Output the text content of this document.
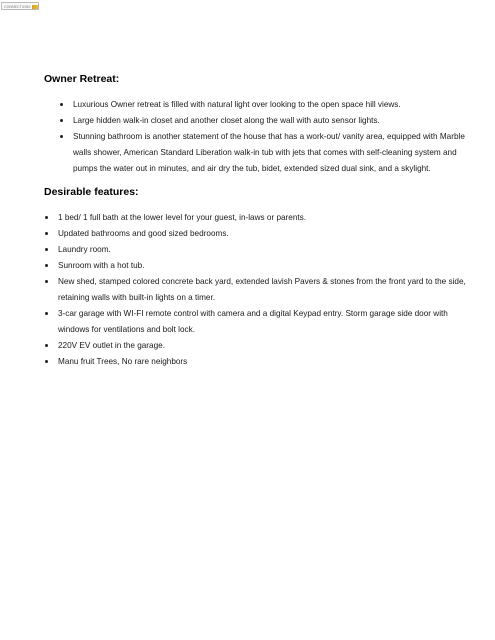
CONNECTIONS
Owner Retreat:
Luxurious Owner retreat is filled with natural light over looking to the open space hill views.
Large hidden walk-in closet and another closet along the wall with auto sensor lights.
Stunning bathroom is another statement of the house that has a work-out/ vanity area, equipped with Marble walls shower, American Standard Liberation walk-in tub with jets that comes with self-cleaning system and pumps the water out in minutes, and air dry the tub, bidet, extended sized dual sink, and a skylight.
Desirable features:
1 bed/ 1 full bath at the lower level for your guest, in-laws or parents.
Updated bathrooms and good sized bedrooms.
Laundry room.
Sunroom with a hot tub.
New shed, stamped colored concrete back yard, extended lavish Pavers & stones from the front yard to the side, retaining walls with built-in lights on a timer.
3-car garage with WI-FI remote control with camera and a digital Keypad entry. Storm garage side door with windows for ventilations and bolt lock.
220V EV outlet in the garage.
Manu fruit Trees, No rare neighbors
